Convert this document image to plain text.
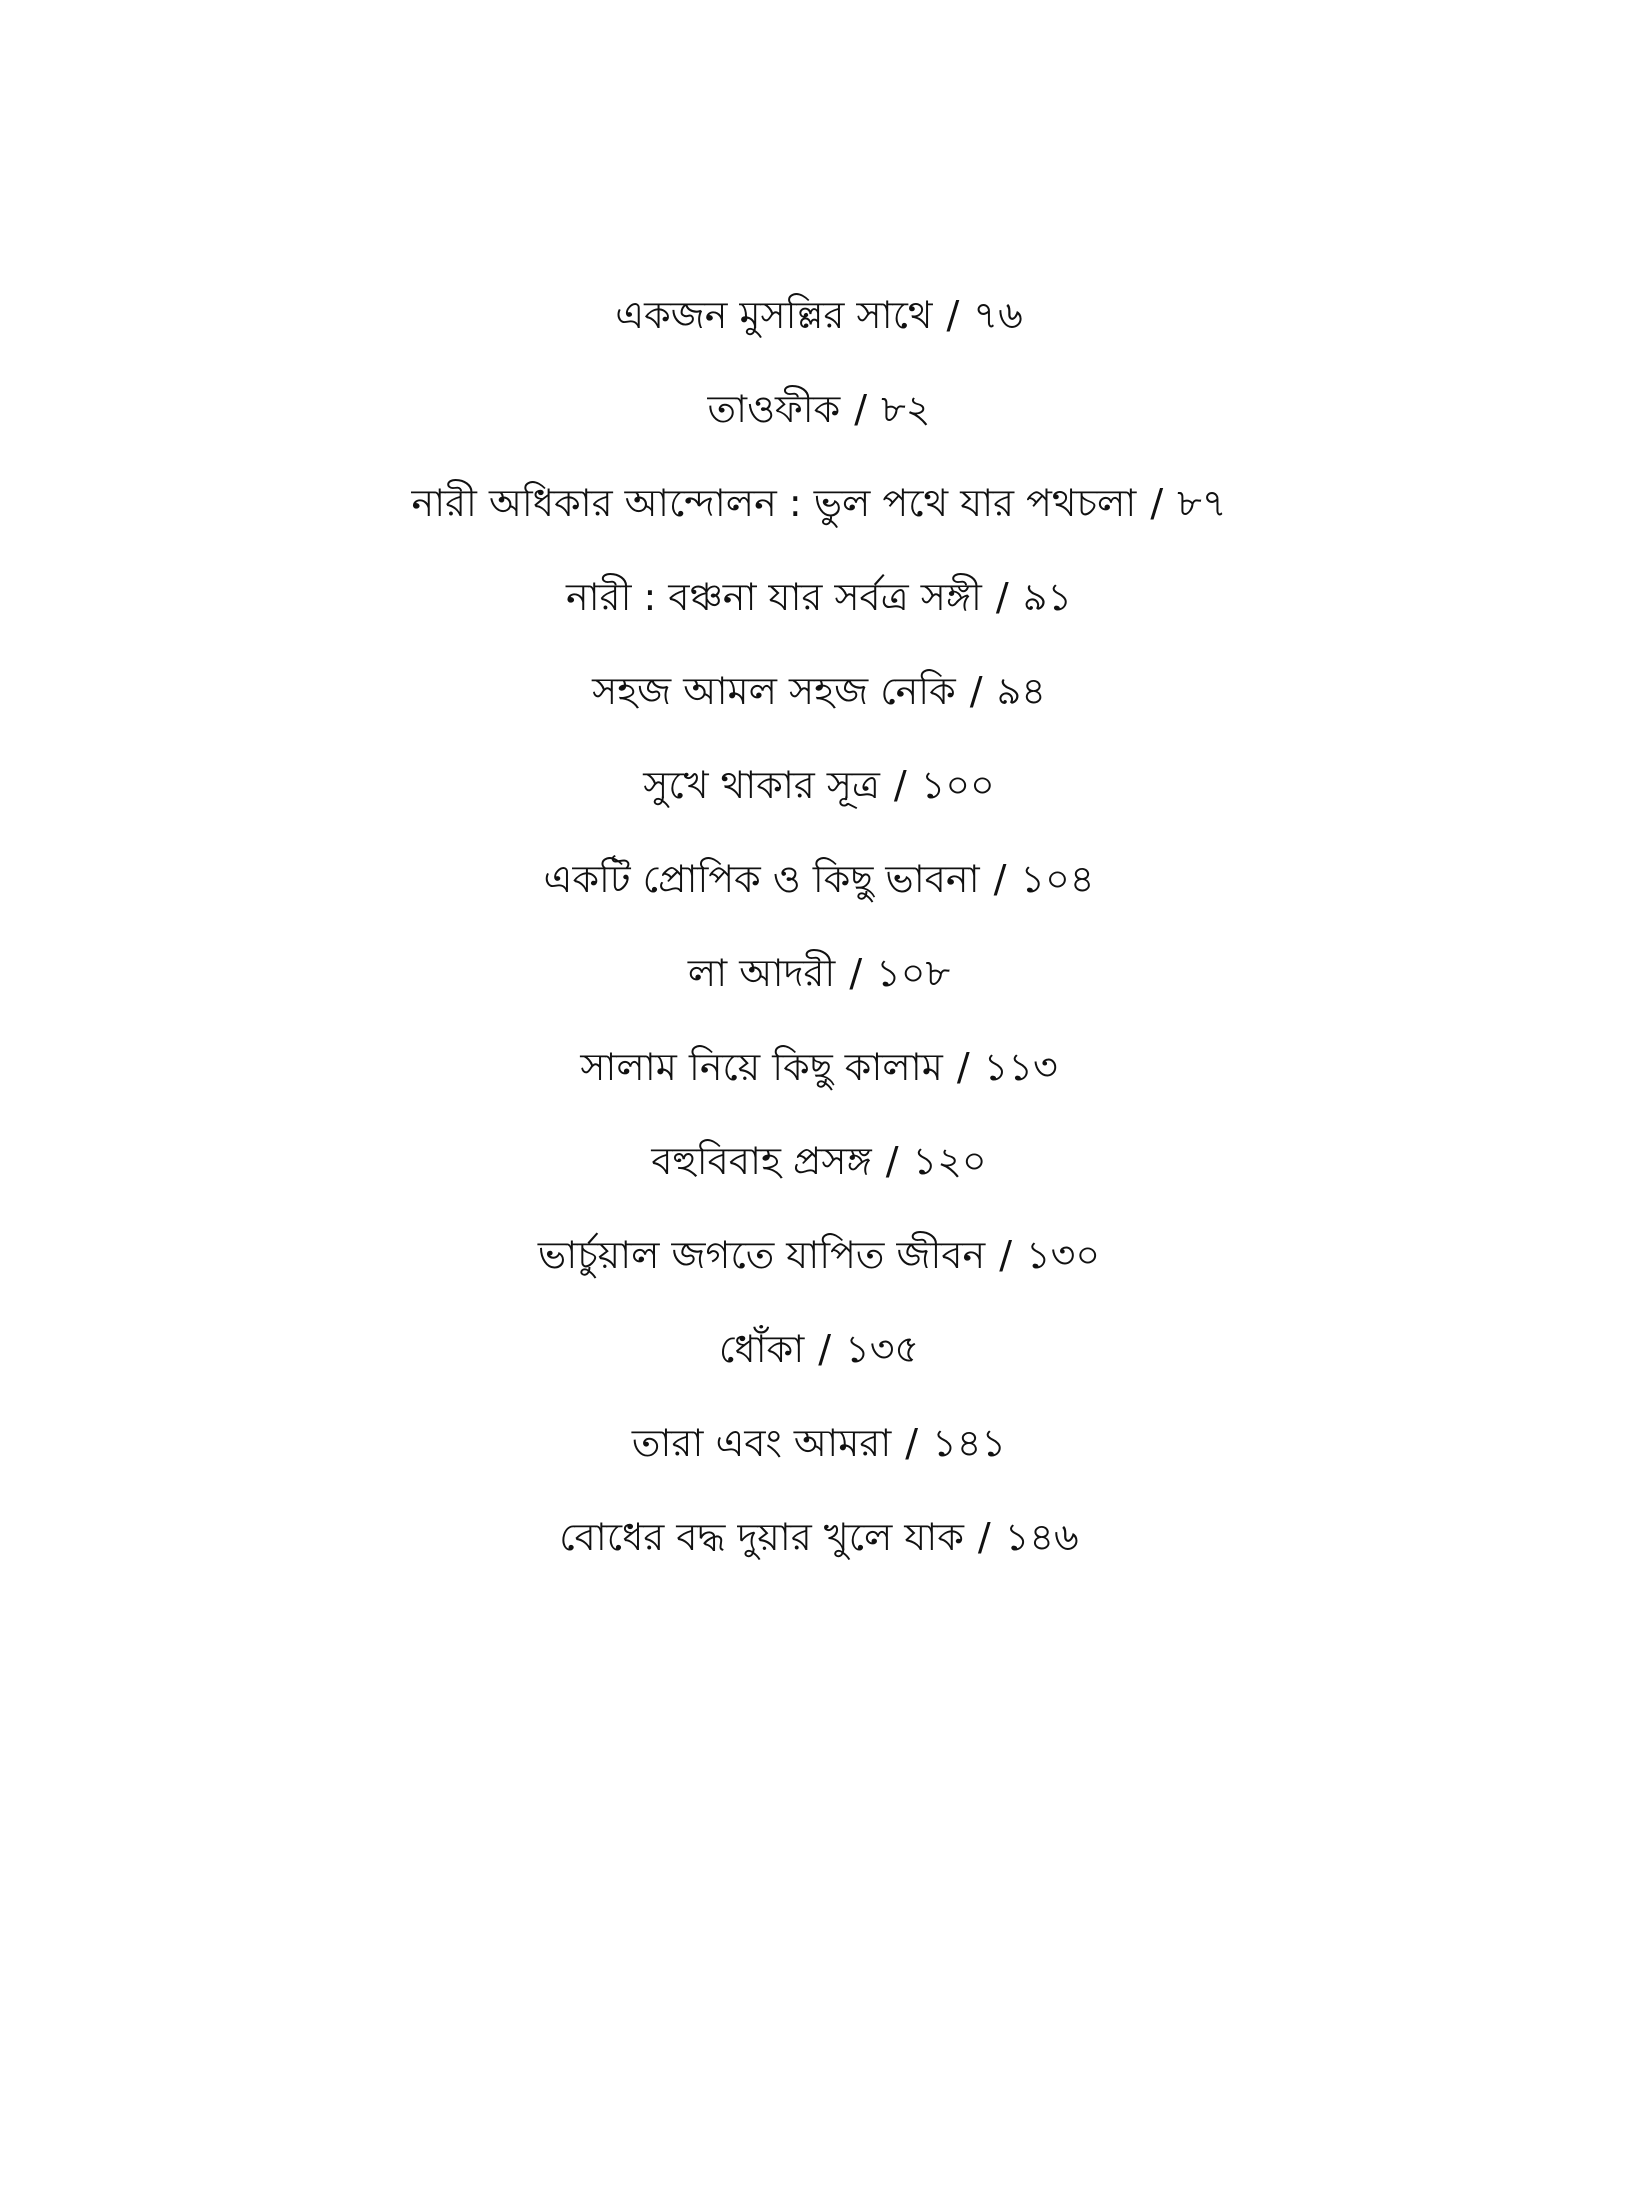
একজন মুসল্লির সাথে / ৭৬
তাওফীক / ৮২
নারী অধিকার আন্দোলন : ভুল পথে যার পথচলা / ৮৭
নারী : বঞ্চনা যার সর্বত্র সঙ্গী / ৯১
সহজ আমল সহজ নেকি / ৯৪
সুখে থাকার সূত্র / ১০০
একটি প্রোপিক ও কিছু ভাবনা / ১০৪
লা আদরী / ১০৮
সালাম নিয়ে কিছু কালাম / ১১৩
বহুবিবাহ প্রসঙ্গ / ১২০
ভার্চুয়াল জগতে যাপিত জীবন / ১৩০
ধোঁকা / ১৩৫
তারা এবং আমরা / ১৪১
বোধের বদ্ধ দুয়ার খুলে যাক / ১৪৬
